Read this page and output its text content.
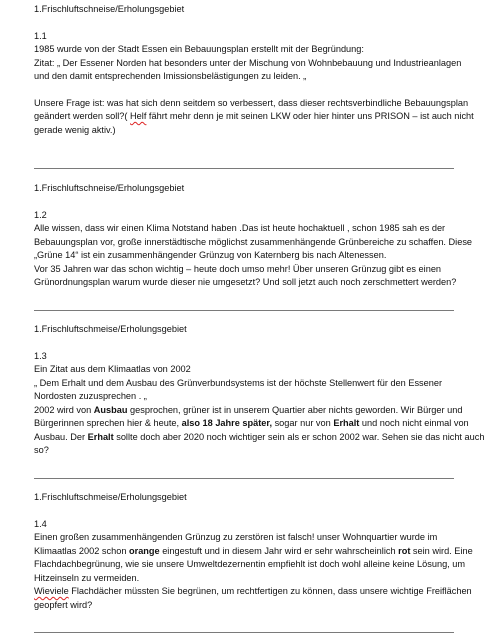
1.Frischluftschneise/Erholungsgebiet
1.1
1985 wurde von der Stadt Essen ein Bebauungsplan erstellt mit der Begründung:
Zitat: „ Der Essener Norden hat besonders unter der Mischung von Wohnbebauung und Industrieanlagen
und den damit entsprechenden Imissionsbelästigungen zu leiden. „
Unsere Frage ist: was hat sich denn seitdem so verbessert, dass dieser rechtsverbindliche Bebauungsplan
geändert werden soll?( Helf fährt mehr denn je mit seinen LKW oder hier hinter uns PRISON – ist auch nicht
gerade wenig aktiv.)
1.Frischluftschneise/Erholungsgebiet
1.2
Alle wissen, dass wir einen Klima Notstand haben .Das ist heute hochaktuell , schon 1985 sah es der
Bebauungsplan vor, große innerstädtische möglichst zusammenhängende Grünbereiche zu schaffen. Diese
„Grüne 14“ ist ein zusammenhängender Grünzug von Katernberg bis nach Altenessen.
Vor 35 Jahren war das schon wichtig – heute doch umso mehr! Über unseren Grünzug gibt es einen
Grünordnungsplan warum wurde dieser nie umgesetzt? Und soll jetzt auch noch zerschmettert werden?
1.Frischluftschmeise/Erholungsgebiet
1.3
Ein Zitat aus dem Klimaatlas von 2002
„ Dem Erhalt und dem Ausbau des Grünverbundsystems ist der höchste Stellenwert für den Essener
Nordosten zuzusprechen . „
2002 wird von Ausbau gesprochen, grüner ist in unserem Quartier aber nichts geworden. Wir Bürger und
Bürgerinnen sprechen hier & heute, also 18 Jahre später, sogar nur von Erhalt und noch nicht einmal von
Ausbau. Der Erhalt sollte doch aber 2020 noch wichtiger sein als er schon 2002 war. Sehen sie das nicht auch
so?
1.Frischluftschmeise/Erholungsgebiet
1.4
Einen großen zusammenhängenden Grünzug zu zerstören ist falsch! unser Wohnquartier wurde im
Klimaatlas 2002 schon orange eingestuft und in diesem Jahr wird er sehr wahrscheinlich rot sein wird. Eine
Flachdachbegrünung, wie sie unsere Umweltdezernentin empfiehlt ist doch wohl alleine keine Lösung, um
Hitzeinseln zu vermeiden.
Wieviele Flachdächer müssten Sie begrünen, um rechtfertigen zu können, dass unsere wichtige Freiflächen
geopfert wird?
